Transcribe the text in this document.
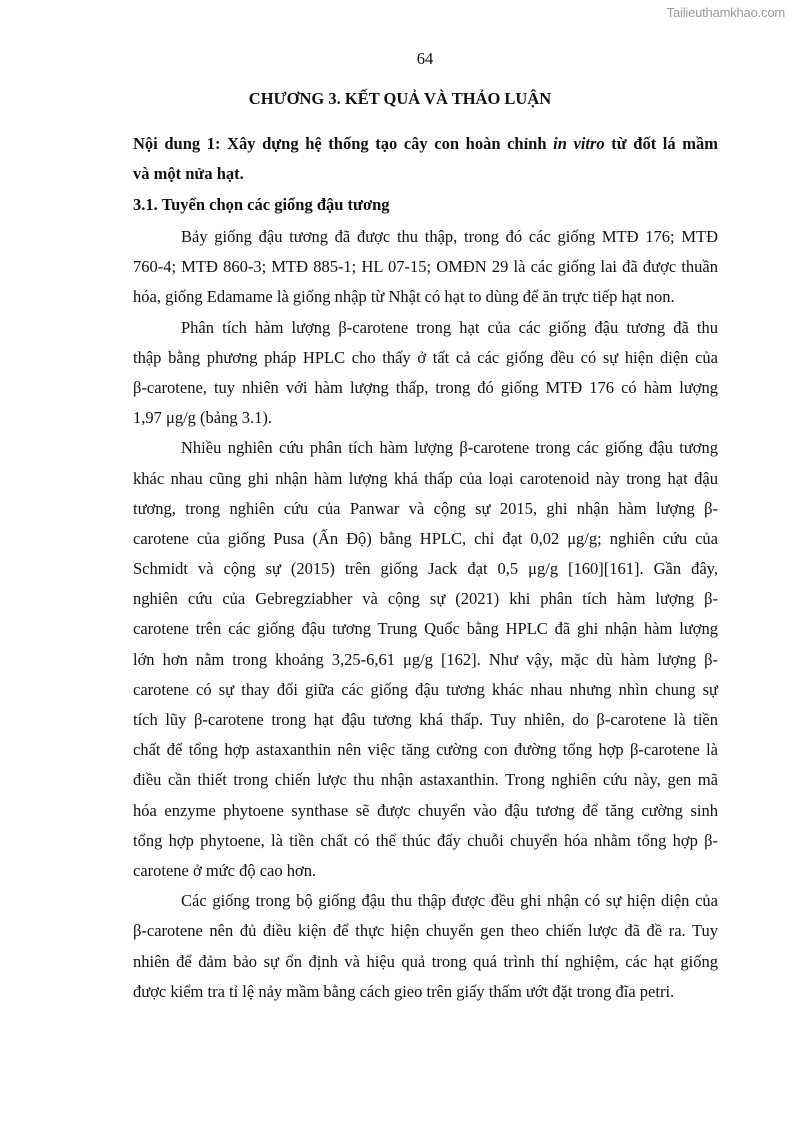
Tailieuthamkhao.com
64
CHƯƠNG 3. KẾT QUẢ VÀ THẢO LUẬN
Nội dung 1: Xây dựng hệ thống tạo cây con hoàn chỉnh in vitro từ đốt lá mầm
và một nửa hạt.
3.1. Tuyển chọn các giống đậu tương
Bảy giống đậu tương đã được thu thập, trong đó các giống MTĐ 176; MTĐ
760-4; MTĐ 860-3; MTĐ 885-1; HL 07-15; OMĐN 29 là các giống lai đã được thuần
hóa, giống Edamame là giống nhập từ Nhật có hạt to dùng để ăn trực tiếp hạt non.
Phân tích hàm lượng β-carotene trong hạt của các giống đậu tương đã thu
thập bằng phương pháp HPLC cho thấy ở tất cả các giống đều có sự hiện diện của
β-carotene, tuy nhiên với hàm lượng thấp, trong đó giống MTĐ 176 có hàm lượng
1,97 μg/g (bảng 3.1).
Nhiều nghiên cứu phân tích hàm lượng β-carotene trong các giống đậu tương
khác nhau cũng ghi nhận hàm lượng khá thấp của loại carotenoid này trong hạt đậu
tương, trong nghiên cứu của Panwar và cộng sự 2015, ghi nhận hàm lượng β-
carotene của giống Pusa (Ấn Độ) bằng HPLC, chỉ đạt 0,02 μg/g; nghiên cứu của
Schmidt và cộng sự (2015) trên giống Jack đạt 0,5 μg/g [160][161]. Gần đây,
nghiên cứu của Gebregziabher và cộng sự (2021) khi phân tích hàm lượng β-
carotene trên các giống đậu tương Trung Quốc bằng HPLC đã ghi nhận hàm lượng
lớn hơn nằm trong khoảng 3,25-6,61 μg/g [162]. Như vậy, mặc dù hàm lượng β-
carotene có sự thay đổi giữa các giống đậu tương khác nhau nhưng nhìn chung sự
tích lũy β-carotene trong hạt đậu tương khá thấp. Tuy nhiên, do β-carotene là tiền
chất để tổng hợp astaxanthin nên việc tăng cường con đường tổng hợp β-carotene là
điều cần thiết trong chiến lược thu nhận astaxanthin. Trong nghiên cứu này, gen mã
hóa enzyme phytoene synthase sẽ được chuyển vào đậu tương để tăng cường sinh
tổng hợp phytoene, là tiền chất có thể thúc đẩy chuỗi chuyển hóa nhằm tổng hợp β-
carotene ở mức độ cao hơn.
Các giống trong bộ giống đậu thu thập được đều ghi nhận có sự hiện diện của
β-carotene nên đủ điều kiện để thực hiện chuyển gen theo chiến lược đã đề ra. Tuy
nhiên để đảm bảo sự ổn định và hiệu quả trong quá trình thí nghiệm, các hạt giống
được kiểm tra tỉ lệ nảy mầm bằng cách gieo trên giấy thấm ướt đặt trong đĩa petri.
